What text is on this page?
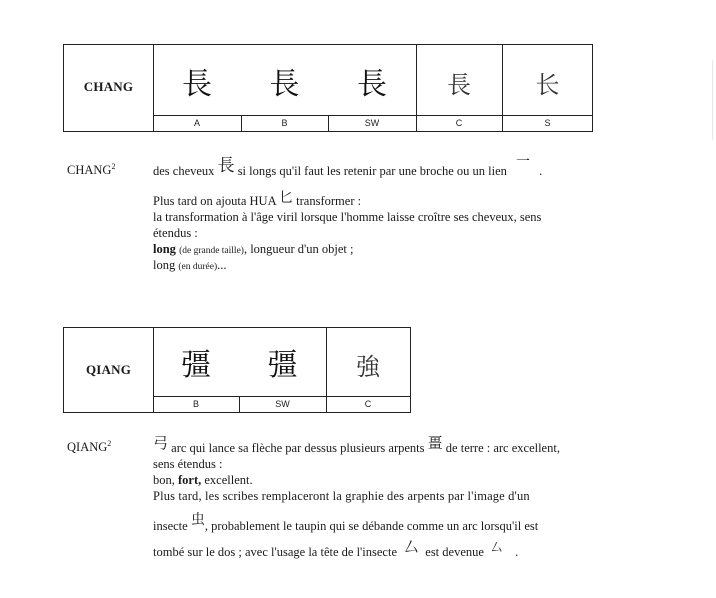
CHANG	長	長	長	長	长
A	B	SW	C	S
CHANG$^2$	des cheveux 長 si longs qu'il faut les retenir par une broche ou un lien 一 .
Plus tard on ajouta HUA 匕 transformer :
la transformation à l'âge viril lorsque l'homme laisse croître ses cheveux, sens
étendus :
long (de grande taille), longueur d'un objet ;
long (en durée)...
QIANG	彊	彊	強
B	SW	C
QIANG$^2$	弓 arc qui lance sa flèche par dessus plusieurs arpents 畺 de terre : arc excellent,
sens étendus :
bon, fort, excellent.
Plus tard, les scribes remplaceront la graphie des arpents par l'image d'un
insecte 虫, probablement le taupin qui se débande comme un arc lorsqu'il est
tombé sur le dos ; avec l'usage la tête de l'insecte 厶 est devenue 厶 .
